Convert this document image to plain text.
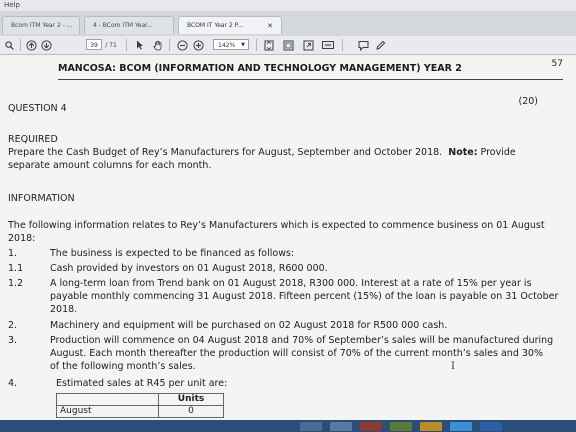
Help
Bcom ITM Year 2 - ...	4 - BCom ITM Year...	BCOM IT Year 2 P...	✕
39	/ 71	142% ▼
MANCOSA: BCOM (INFORMATION AND TECHNOLOGY MANAGEMENT) YEAR 2	57
QUESTION 4
(20)
REQUIRED
Prepare the Cash Budget of Rey’s Manufacturers for August, September and October 2018. Note: Provide
separate amount columns for each month.
INFORMATION
The following information relates to Rey’s Manufacturers which is expected to commence business on 01 August
2018:
1.	The business is expected to be financed as follows:
1.1	Cash provided by investors on 01 August 2018, R600 000.
1.2	A long-term loan from Trend bank on 01 August 2018, R300 000. Interest at a rate of 15% per year is
payable monthly commencing 31 August 2018. Fifteen percent (15%) of the loan is payable on 31 October
2018.
2.	Machinery and equipment will be purchased on 02 August 2018 for R500 000 cash.
3.	Production will commence on 04 August 2018 and 70% of September’s sales will be manufactured during
August. Each month thereafter the production will consist of 70% of the current month’s sales and 30%
of the following month’s sales.
4.	Estimated sales at R45 per unit are:
I
	Units
August	0
